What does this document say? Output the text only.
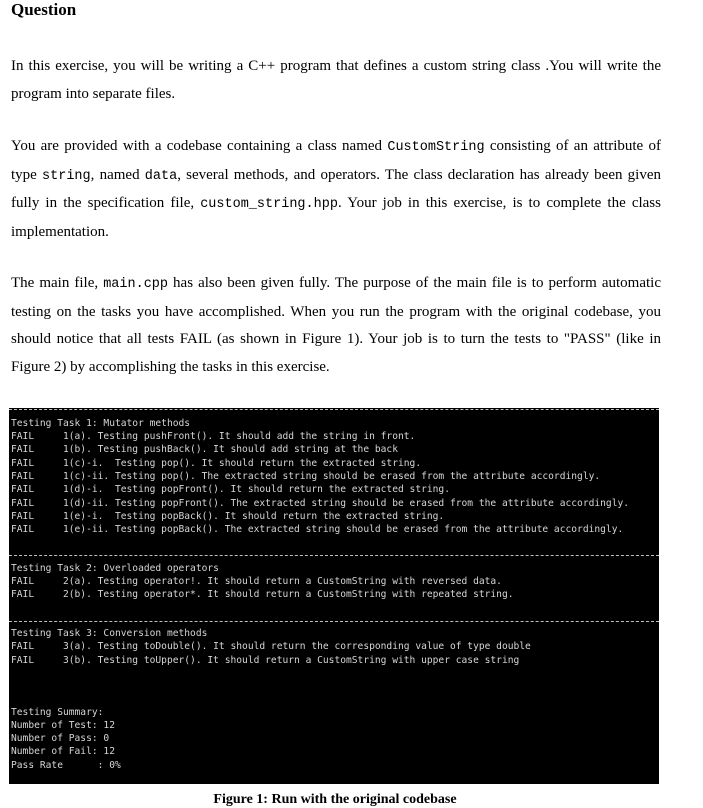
Question

In this exercise, you will be writing a C++ program that defines a custom string class .You will write the program into separate files.

You are provided with a codebase containing a class named CustomString consisting of an attribute of type string, named data, several methods, and operators. The class declaration has already been given fully in the specification file, custom_string.hpp. Your job in this exercise, is to complete the class implementation.

The main file, main.cpp has also been given fully. The purpose of the main file is to perform automatic testing on the tasks you have accomplished. When you run the program with the original codebase, you should notice that all tests FAIL (as shown in Figure 1). Your job is to turn the tests to "PASS" (like in Figure 2) by accomplishing the tasks in this exercise.

Testing Task 1: Mutator methods
FAIL     1(a). Testing pushFront(). It should add the string in front.
FAIL     1(b). Testing pushBack(). It should add string at the back
FAIL     1(c)-i.  Testing pop(). It should return the extracted string.
FAIL     1(c)-ii. Testing pop(). The extracted string should be erased from the attribute accordingly.
FAIL     1(d)-i.  Testing popFront(). It should return the extracted string.
FAIL     1(d)-ii. Testing popFront(). The extracted string should be erased from the attribute accordingly.
FAIL     1(e)-i.  Testing popBack(). It should return the extracted string.
FAIL     1(e)-ii. Testing popBack(). The extracted string should be erased from the attribute accordingly.
Testing Task 2: Overloaded operators
FAIL     2(a). Testing operator!. It should return a CustomString with reversed data.
FAIL     2(b). Testing operator*. It should return a CustomString with repeated string.
Testing Task 3: Conversion methods
FAIL     3(a). Testing toDouble(). It should return the corresponding value of type double
FAIL     3(b). Testing toUpper(). It should return a CustomString with upper case string
Testing Summary:
Number of Test: 12
Number of Pass: 0
Number of Fail: 12
Pass Rate      : 0%
Figure 1: Run with the original codebase
